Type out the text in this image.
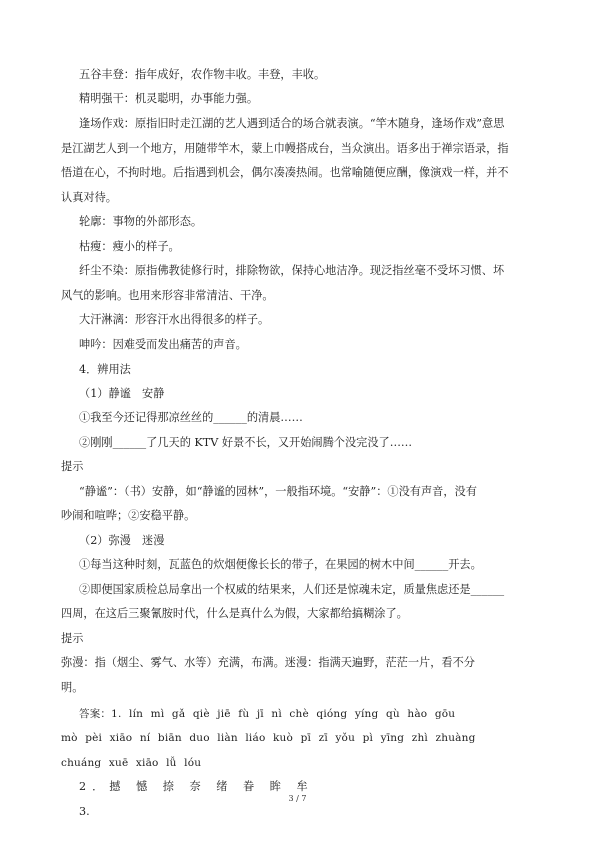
五谷丰登：指年成好，农作物丰收。丰登，丰收。
精明强干：机灵聪明，办事能力强。
逢场作戏：原指旧时走江湖的艺人遇到适合的场合就表演。“竿木随身，逢场作戏”意思
是江湖艺人到一个地方，用随带竿木，蒙上巾幔搭成台，当众演出。语多出于禅宗语录，指
悟道在心，不拘时地。后指遇到机会，偶尔凑凑热闹。也常喻随便应酬，像演戏一样，并不
认真对待。
轮廓：事物的外部形态。
枯瘦：瘦小的样子。
纤尘不染：原指佛教徒修行时，排除物欲，保持心地洁净。现泛指丝毫不受坏习惯、坏
风气的影响。也用来形容非常清洁、干净。
大汗淋漓：形容汗水出得很多的样子。
呻吟：因难受而发出痛苦的声音。
4．辨用法
（1）静谧　安静
①我至今还记得那凉丝丝的______的清晨……
②刚刚______了几天的 KTV 好景不长，又开始闹腾个没完没了……
提示
“静谧”：（书）安静，如“静谧的园林”，一般指环境。“安静”：①没有声音，没有
吵闹和喧哗；②安稳平静。
（2）弥漫　迷漫
①每当这种时刻，瓦蓝色的炊烟便像长长的带子，在果园的树木中间______开去。
②即便国家质检总局拿出一个权威的结果来，人们还是惊魂未定，质量焦虑还是______
四周，在这后三聚氰胺时代，什么是真什么为假，大家都给搞糊涂了。
提示
弥漫：指（烟尘、雾气、水等）充满，布满。迷漫：指满天遍野，茫茫一片，看不分
明。
答案：1. lín mì gǎ qiè jiē fù jī nì chè qióng yíng qù hào gōu
mò pèi xiāo ní biān duo liàn liáo kuò pī zī yǒu pì yīng zhì zhuàng
chuáng xuē xiāo lǚ lóu
2．撼 憾 捺 奈 绪 眷 眸 牟
3.
3 / 7
